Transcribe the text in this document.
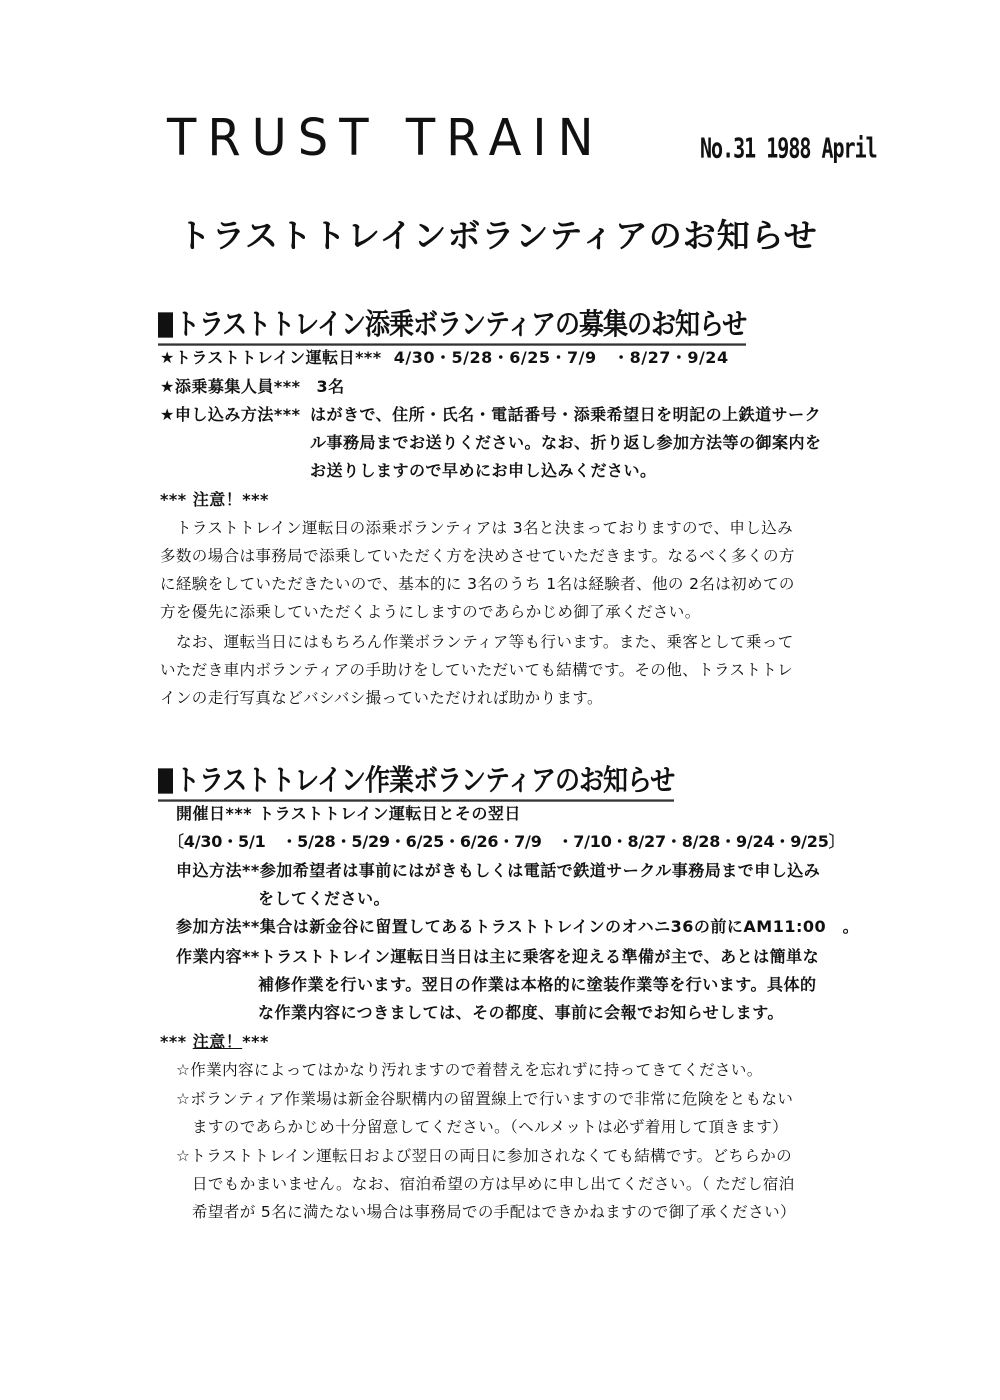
TRUST TRAIN	No.31 1988 April
トラストトレインボランティアのお知らせ
トラストトレイン添乗ボランティアの募集のお知らせ
★トラストトレイン運転日*** 4/30・5/28・6/25・7/9　・8/27・9/24
★添乗募集人員*** 3名
★申し込み方法*** はがきで、住所・氏名・電話番号・添乗希望日を明記の上鉄道サーク
ル事務局までお送りください。なお、折り返し参加方法等の御案内を
お送りしますので早めにお申し込みください。
*** 注意！***
トラストトレイン運転日の添乗ボランティアは 3名と決まっておりますので、申し込み
多数の場合は事務局で添乗していただく方を決めさせていただきます。なるべく多くの方
に経験をしていただきたいので、基本的に 3名のうち 1名は経験者、他の 2名は初めての
方を優先に添乗していただくようにしますのであらかじめ御了承ください。
なお、運転当日にはもちろん作業ボランティア等も行います。また、乗客として乗って
いただき車内ボランティアの手助けをしていただいても結構です。その他、トラストトレ
インの走行写真などバシバシ撮っていただければ助かります。
トラストトレイン作業ボランティアのお知らせ
開催日*** トラストトレイン運転日とその翌日
〔4/30・5/1　・5/28・5/29・6/25・6/26・7/9　・7/10・8/27・8/28・9/24・9/25〕
申込方法**参加希望者は事前にはがきもしくは電話で鉄道サークル事務局まで申し込み
をしてください。
参加方法**集合は新金谷に留置してあるトラストトレインのオハニ36の前にAM11:00　。
作業内容**トラストトレイン運転日当日は主に乗客を迎える準備が主で、あとは簡単な
補修作業を行います。翌日の作業は本格的に塗装作業等を行います。具体的
な作業内容につきましては、その都度、事前に会報でお知らせします。
*** 注意！***
☆作業内容によってはかなり汚れますので着替えを忘れずに持ってきてください。
☆ボランティア作業場は新金谷駅構内の留置線上で行いますので非常に危険をともない
ますのであらかじめ十分留意してください。（ヘルメットは必ず着用して頂きます）
☆トラストトレイン運転日および翌日の両日に参加されなくても結構です。どちらかの
日でもかまいません。なお、宿泊希望の方は早めに申し出てください。（ ただし宿泊
希望者が 5名に満たない場合は事務局での手配はできかねますので御了承ください）
